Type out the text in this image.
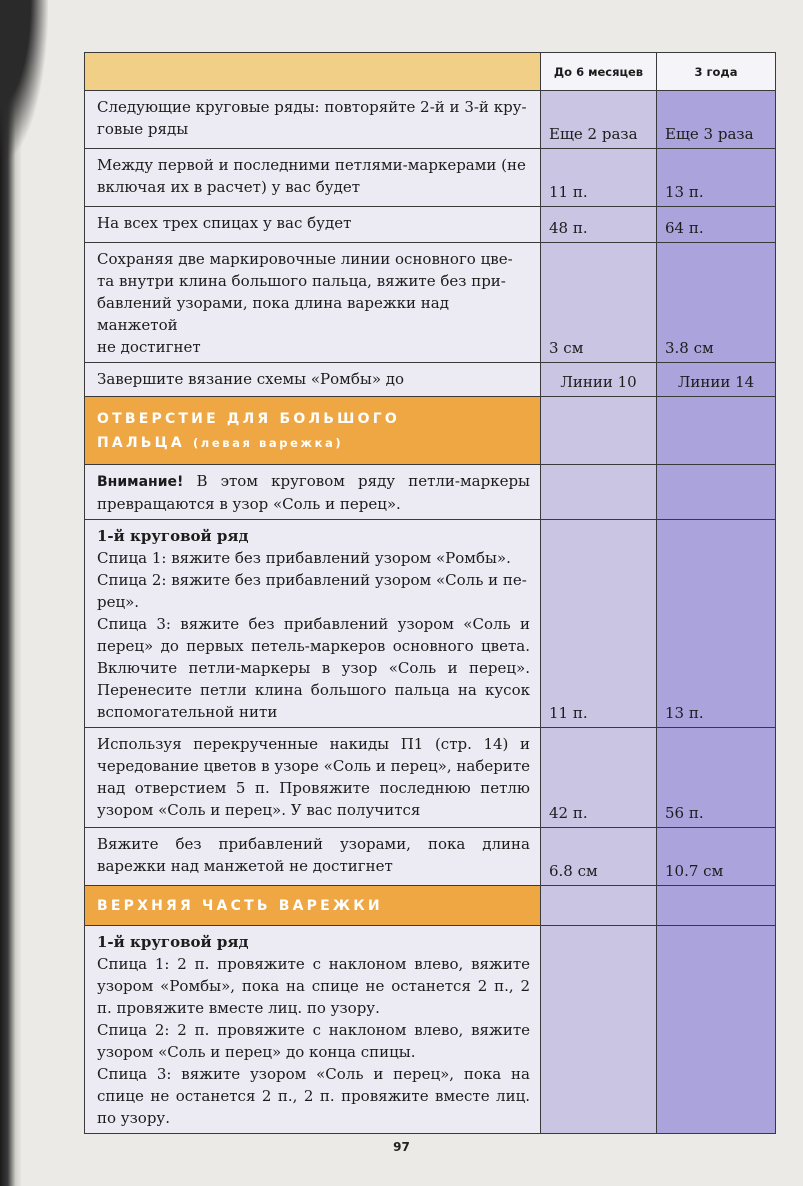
	До 6 месяцев	3 года
Следующие круговые ряды: повторяйте 2-й и 3-й кру-
говые ряды	Еще 2 раза	Еще 3 раза

Между первой и последними петлями-маркерами (не
включая их в расчет) у вас будет	11 п.	13 п.

На всех трех спицах у вас будет	48 п.	64 п.

Сохраняя две маркировочные линии основного цве-
та внутри клина большого пальца, вяжите без при-
бавлений узорами, пока длина варежки над манжетой
не достигнет	3 см	3.8 см

Завершите вязание схемы «Ромбы» до	Линии 10	Линии 14

ОТВЕРСТИЕ ДЛЯ БОЛЬШОГО
ПАЛЬЦА (левая варежка)		

Внимание! В этом круговом ряду петли-маркеры превращаются в узор «Соль и перец».		

1-й круговой ряд
Спица 1: вяжите без прибавлений узором «Ромбы».
Спица 2: вяжите без прибавлений узором «Соль и пе-
рец».
Спица 3: вяжите без прибавлений узором «Соль и перец» до первых петель-маркеров основного цвета. Включите петли-маркеры в узор «Соль и перец». Перенесите петли клина большого пальца на кусок вспомогательной нити	11 п.	13 п.

Используя перекрученные накиды П1 (стр. 14) и чередование цветов в узоре «Соль и перец», наберите над отверстием 5 п. Провяжите последнюю петлю узором «Соль и перец». У вас получится	42 п.	56 п.

Вяжите без прибавлений узорами, пока длина варежки над манжетой не достигнет	6.8 см	10.7 см

ВЕРХНЯЯ ЧАСТЬ ВАРЕЖКИ		

1-й круговой ряд
Спица 1: 2 п. провяжите с наклоном влево, вяжите узором «Ромбы», пока на спице не останется 2 п., 2 п. провяжите вместе лиц. по узору.
Спица 2: 2 п. провяжите с наклоном влево, вяжите узором «Соль и перец» до конца спицы.
Спица 3: вяжите узором «Соль и перец», пока на спице не останется 2 п., 2 п. провяжите вместе лиц. по узору.		

97
